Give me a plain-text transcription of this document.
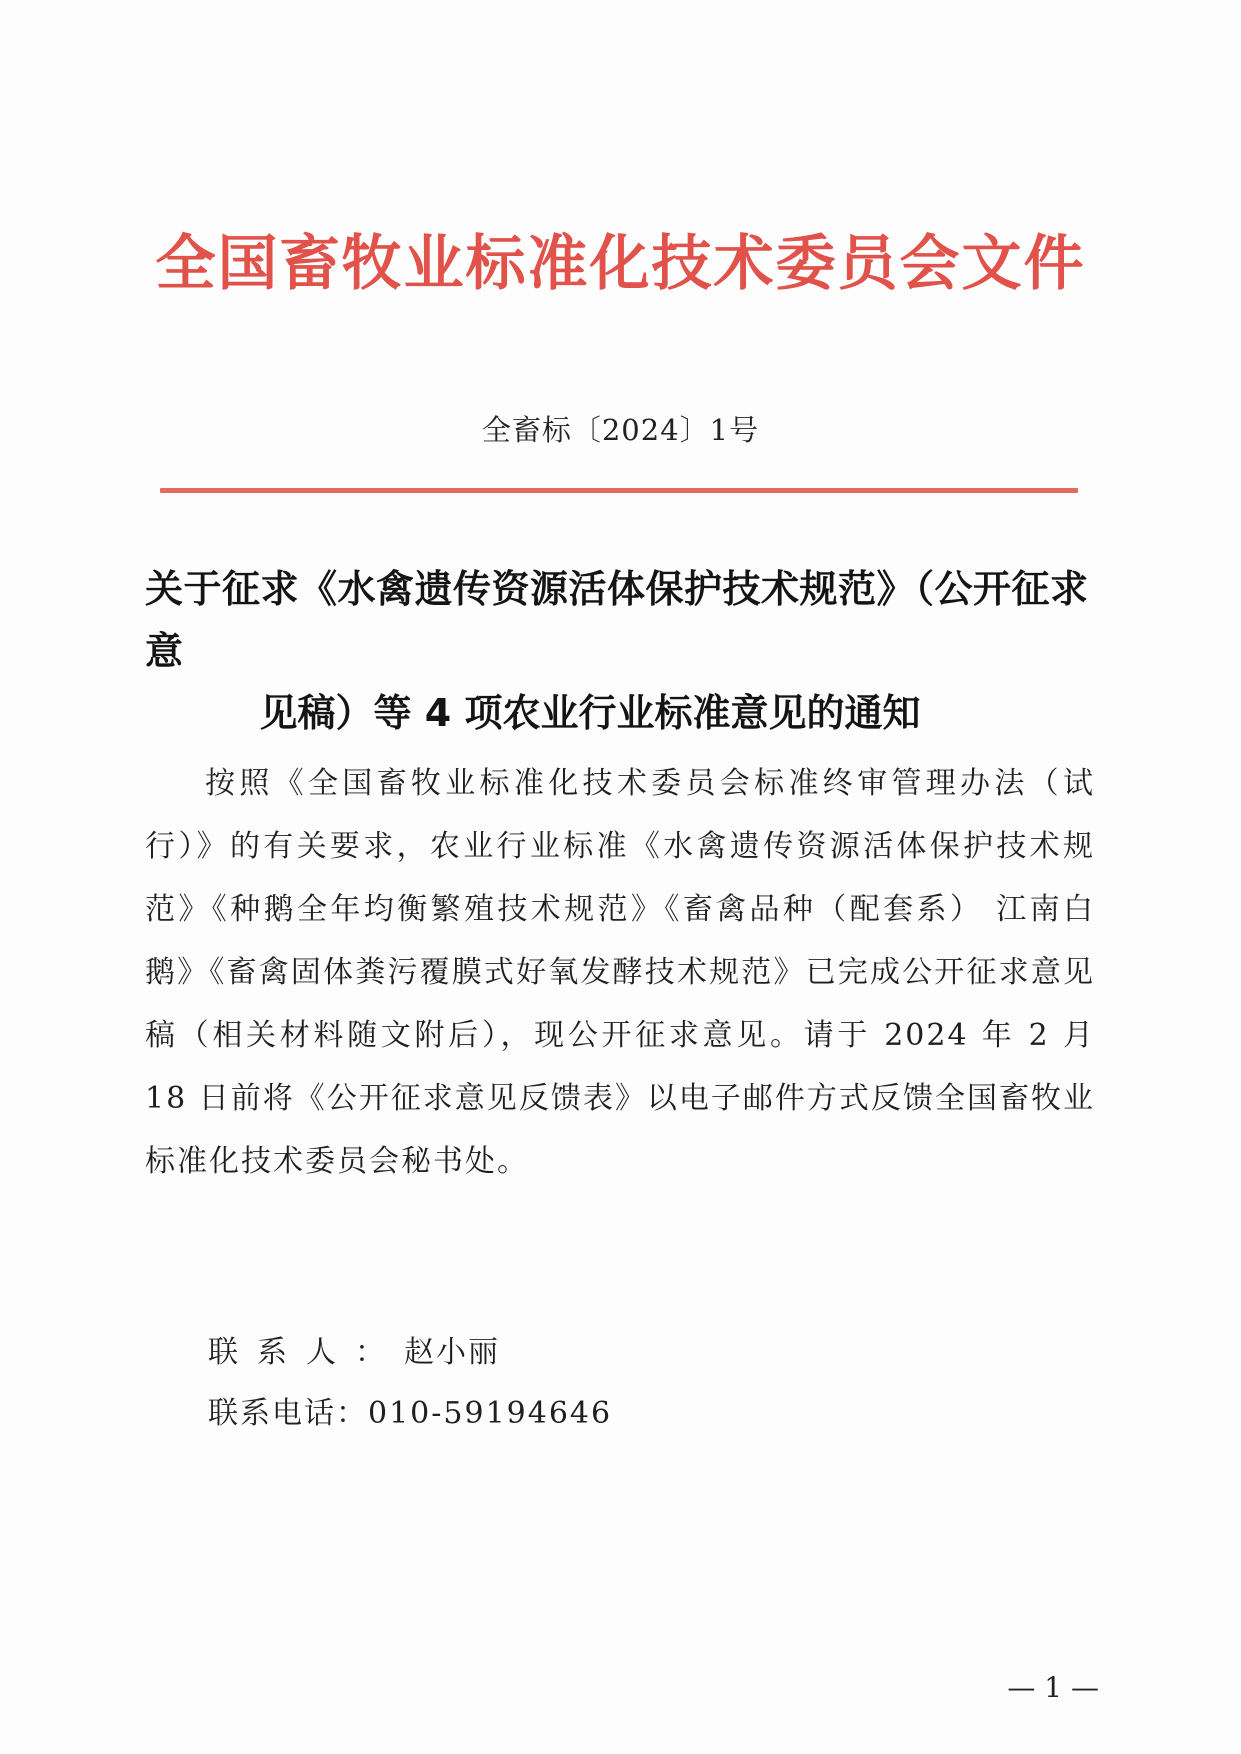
全国畜牧业标准化技术委员会文件
全畜标〔2024〕1号
关于征求《水禽遗传资源活体保护技术规范》（公开征求意
见稿）等 4 项农业行业标准意见的通知
按照《全国畜牧业标准化技术委员会标准终审管理办法（试行）》的有关要求，农业行业标准《水禽遗传资源活体保护技术规范》《种鹅全年均衡繁殖技术规范》《畜禽品种（配套系） 江南白鹅》《畜禽固体粪污覆膜式好氧发酵技术规范》已完成公开征求意见稿（相关材料随文附后），现公开征求意见。请于 2024 年 2 月 18 日前将《公开征求意见反馈表》以电子邮件方式反馈全国畜牧业标准化技术委员会秘书处。
联系人：赵小丽
联系电话：010-59194646
— 1 —
